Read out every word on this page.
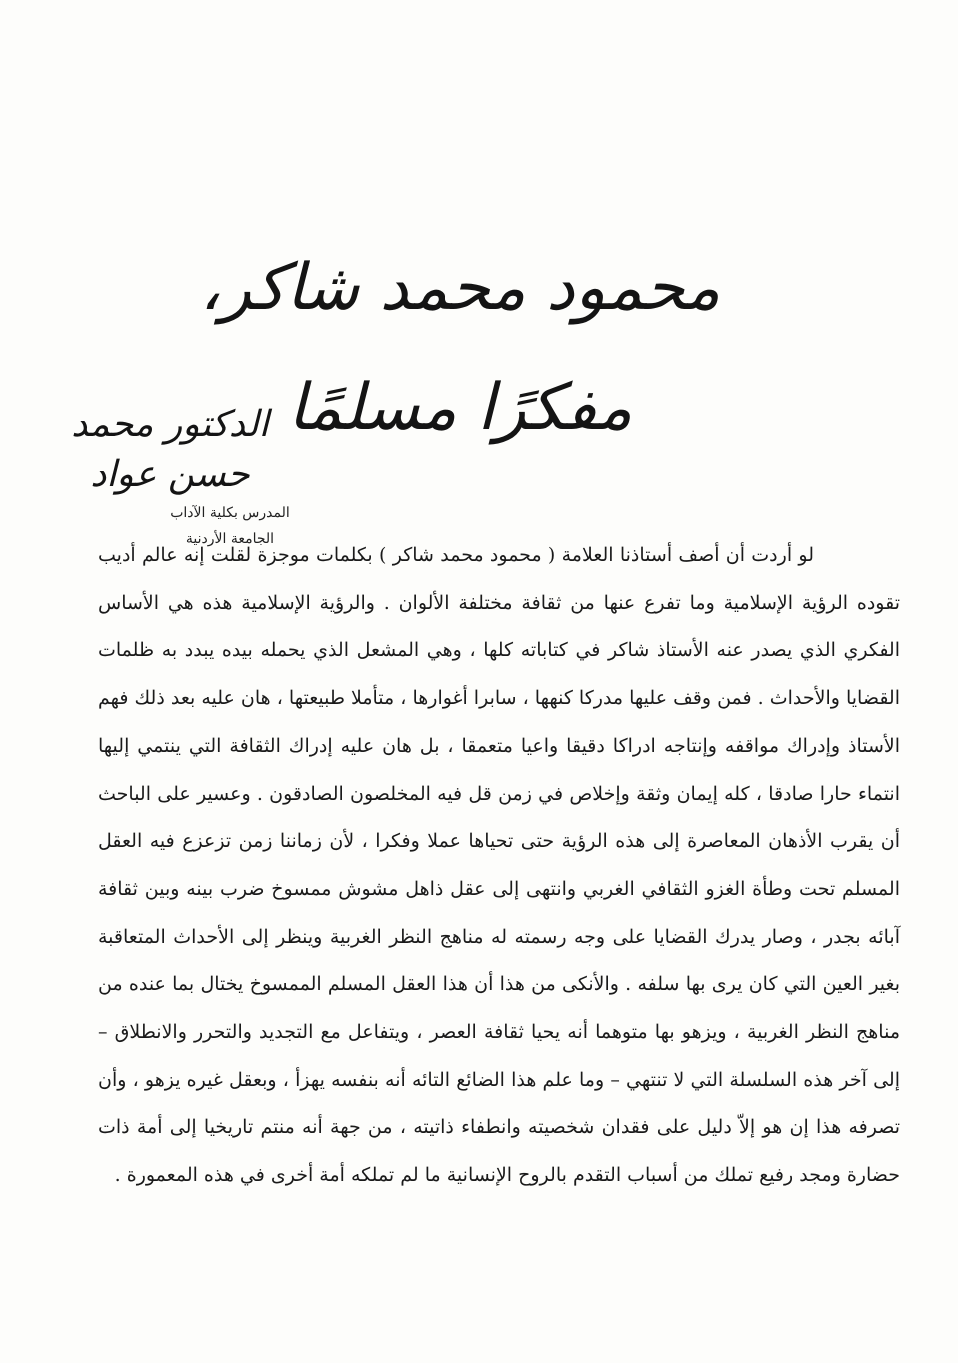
محمود محمد شاكر، مفكرًا مسلمًا
الدكتور محمد حسن عواد
المدرس بكلية الآداب
الجامعة الأردنية

لو أردت أن أصف أستاذنا العلامة ( محمود محمد شاكر ) بكلمات موجزة لقلت إنه عالم أديب تقوده الرؤية الإسلامية وما تفرع عنها من ثقافة مختلفة الألوان . والرؤية الإسلامية هذه هي الأساس الفكري الذي يصدر عنه الأستاذ شاكر في كتاباته كلها ، وهي المشعل الذي يحمله بيده يبدد به ظلمات القضايا والأحداث . فمن وقف عليها مدركا كنهها ، سابرا أغوارها ، متأملا طبيعتها ، هان عليه بعد ذلك فهم الأستاذ وإدراك مواقفه وإنتاجه ادراكا دقيقا واعيا متعمقا ، بل هان عليه إدراك الثقافة التي ينتمي إليها انتماء حارا صادقا ، كله إيمان وثقة وإخلاص في زمن قل فيه المخلصون الصادقون . وعسير على الباحث أن يقرب الأذهان المعاصرة إلى هذه الرؤية حتى تحياها عملا وفكرا ، لأن زماننا زمن تزعزع فيه العقل المسلم تحت وطأة الغزو الثقافي الغربي وانتهى إلى عقل ذاهل مشوش ممسوخ ضرب بينه وبين ثقافة آبائه بجدر ، وصار يدرك القضايا على وجه رسمته له مناهج النظر الغربية وينظر إلى الأحداث المتعاقبة بغير العين التي كان يرى بها سلفه . والأنكى من هذا أن هذا العقل المسلم الممسوخ يختال بما عنده من مناهج النظر الغربية ، ويزهو بها متوهما أنه يحيا ثقافة العصر ، ويتفاعل مع التجديد والتحرر والانطلاق – إلى آخر هذه السلسلة التي لا تنتهي – وما علم هذا الضائع التائه أنه بنفسه يهزأ ، وبعقل غيره يزهو ، وأن تصرفه هذا إن هو إلاّ دليل على فقدان شخصيته وانطفاء ذاتيته ، من جهة أنه منتم تاريخيا إلى أمة ذات حضارة ومجد رفيع تملك من أسباب التقدم بالروح الإنسانية ما لم تملكه أمة أخرى في هذه المعمورة .
